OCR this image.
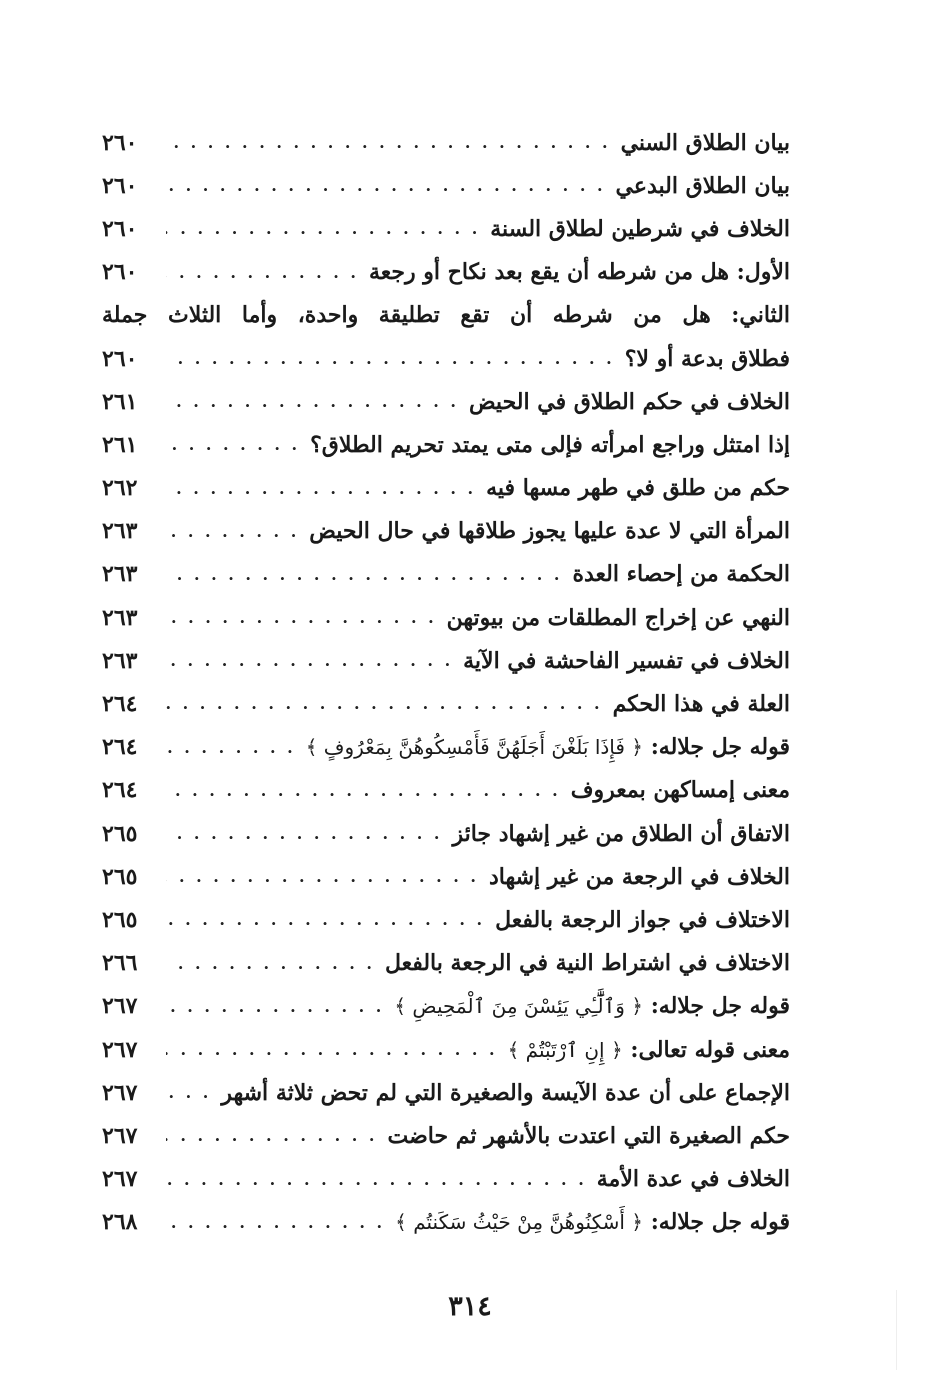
بيان الطلاق السني
. . .
٢٦٠
بيان الطلاق البدعي
. . .
٢٦٠
الخلاف في شرطين لطلاق السنة
. . .
٢٦٠
الأول: هل من شرطه أن يقع بعد نكاح أو رجعة
. . .
٢٦٠
الثاني: هل من شرطه أن تقع تطليقة واحدة، وأما الثلاث جملة
فطلاق بدعة أو لا؟
. . .
٢٦٠
الخلاف في حكم الطلاق في الحيض
. . .
٢٦١
إذا امتثل وراجع امرأته فإلى متى يمتد تحريم الطلاق؟
. . .
٢٦١
حكم من طلق في طهر مسها فيه
. . .
٢٦٢
المرأة التي لا عدة عليها يجوز طلاقها في حال الحيض
. . .
٢٦٣
الحكمة من إحصاء العدة
. . .
٢٦٣
النهي عن إخراج المطلقات من بيوتهن
. . .
٢٦٣
الخلاف في تفسير الفاحشة في الآية
. . .
٢٦٣
العلة في هذا الحكم
. . .
٢٦٤
قوله جل جلاله: ﴿ فَإِذَا بَلَغْنَ أَجَلَهُنَّ فَأَمْسِكُوهُنَّ بِمَعْرُوفٍ ﴾
. . .
٢٦٤
معنى إمساكهن بمعروف
. . .
٢٦٤
الاتفاق أن الطلاق من غير إشهاد جائز
. . .
٢٦٥
الخلاف في الرجعة من غير إشهاد
. . .
٢٦٥
الاختلاف في جواز الرجعة بالفعل
. . .
٢٦٥
الاختلاف في اشتراط النية في الرجعة بالفعل
. . .
٢٦٦
قوله جل جلاله: ﴿ وَٱلَّٰٓـِٔي يَئِسْنَ مِنَ ٱلْمَحِيضِ ﴾
. . .
٢٦٧
معنى قوله تعالى: ﴿ إِنِ ٱرْتَبْتُمْ ﴾
. . .
٢٦٧
الإجماع على أن عدة الآيسة والصغيرة التي لم تحض ثلاثة أشهر
. . .
٢٦٧
حكم الصغيرة التي اعتدت بالأشهر ثم حاضت
. . .
٢٦٧
الخلاف في عدة الأمة
. . .
٢٦٧
قوله جل جلاله: ﴿ أَسْكِنُوهُنَّ مِنْ حَيْثُ سَكَنتُم ﴾
. . .
٢٦٨
٣١٤
